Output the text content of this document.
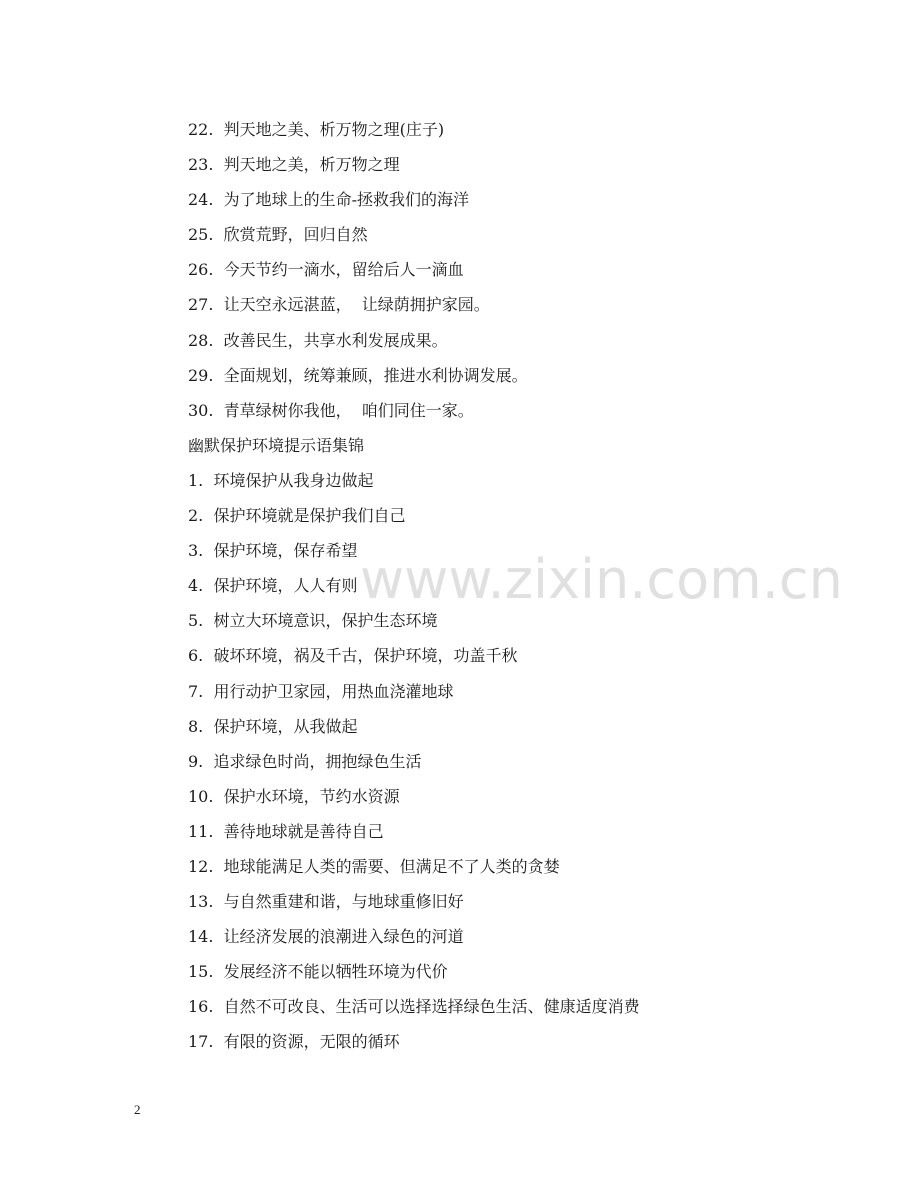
22.  判天地之美、析万物之理(庄子)
23.  判天地之美，析万物之理
24.  为了地球上的生命-拯救我们的海洋
25.  欣赏荒野，回归自然
26.  今天节约一滴水，留给后人一滴血
27.  让天空永远湛蓝，  让绿荫拥护家园。
28.  改善民生，共享水利发展成果。
29.  全面规划，统筹兼顾，推进水利协调发展。
30.  青草绿树你我他，  咱们同住一家。
幽默保护环境提示语集锦
1.  环境保护从我身边做起
2.  保护环境就是保护我们自己
3.  保护环境，保存希望
4.  保护环境，人人有则
5.  树立大环境意识，保护生态环境
6.  破坏环境，祸及千古，保护环境，功盖千秋
7.  用行动护卫家园，用热血浇灌地球
8.  保护环境，从我做起
9.  追求绿色时尚，拥抱绿色生活
10.  保护水环境，节约水资源
11.  善待地球就是善待自己
12.  地球能满足人类的需要、但满足不了人类的贪婪
13.  与自然重建和谐，与地球重修旧好
14.  让经济发展的浪潮进入绿色的河道
15.  发展经济不能以牺牲环境为代价
16.  自然不可改良、生活可以选择选择绿色生活、健康适度消费
17.  有限的资源，无限的循环
www.zixin.com.cn
2
